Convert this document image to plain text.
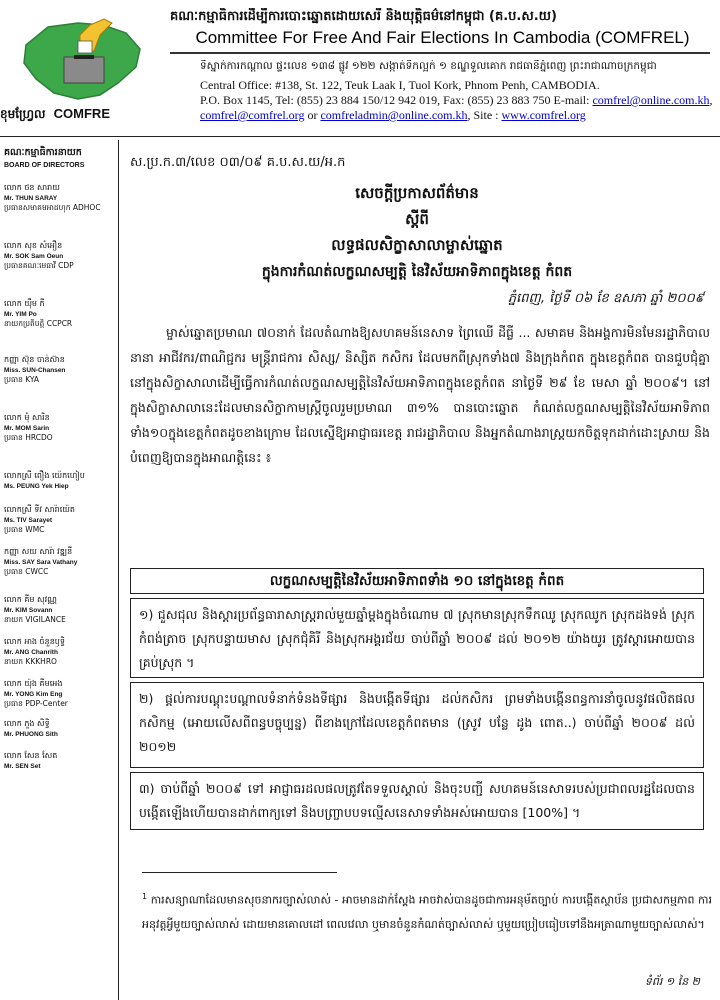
ខុមហ្វ្រែល COMFRE
គណៈកម្មាធិការដើម្បីការបោះឆ្នោតដោយសេរី និងយុត្តិធម៌នៅកម្ពុជា (គ.ប.ស.យ)
Committee For Free And Fair Elections In Cambodia (COMFREL)
ទីស្នាក់ការកណ្តាល ផ្ទះលេខ ១៣៨ ផ្លូវ ១២២ សង្កាត់ទឹកល្អក់ ១ ខណ្ឌទួលគោក រាជធានីភ្នំពេញ ព្រះរាជាណាចក្រកម្ពុជា
Central Office: #138, St. 122, Teuk Laak I, Tuol Kork, Phnom Penh, CAMBODIA.
P.O. Box 1145, Tel: (855) 23 884 150/12 942 019, Fax: (855) 23 883 750 E-mail: comfrel@online.com.kh,
comfrel@comfrel.org or comfreladmin@online.com.kh, Site : www.comfrel.org
គណៈកម្មាធិការនាយក
BOARD OF DIRECTORS
លោក ថន សារាយ
Mr. THUN SARAY
ប្រធានសមាគមអាដហុក ADHOC
លោក សុខ សំអឿន
Mr. SOK Sam Oeun
ប្រធានគណៈមេធាវី CDP
លោក យ៉ឹម ភី
Mr. YIM Po
នាយកប្រតិបត្តិ CCPCR
កញ្ញា ស៊ុន ចាន់ស៊ាន
Miss. SUN-Chansen
ប្រធាន KYA
លោក មុំ សារិន
Mr. MOM Sarin
ប្រធាន HRCDO
លោកស្រី ពឿង យ៉េកហៀប
Ms. PEUNG Yek Hiep
លោកស្រី ទីវ សារ៉ាយ៉េត
Ms. TIV Sarayet
ប្រធាន WMC
កញ្ញា សយ សារ៉ា វឌ្ឍនី
Miss. SAY Sara Vathany
ប្រធាន CWCC
លោក គីម សុវណ្ណ
Mr. KIM Sovann
នាយក VIGILANCE
លោក អាង ចំនួនឫទ្ធិ
Mr. ANG Chanrith
នាយក KKKHRO
លោក យ៉ុង គីមអេង
Mr. YONG Kim Eng
ប្រធាន PDP-Center
លោក ភួង សិទ្ធិ
Mr. PHUONG Sith
លោក សែន សែត
Mr. SEN Set
ស.ប្រ.ក.៣/លេខ ០៣/០៩ គ.ប.ស.យ/អ.ក
សេចក្តីប្រកាសព័ត៌មាន
ស្តីពី
លទ្ធផលសិក្ខាសាលាម្ចាស់ឆ្នោត
ក្នុងការកំណត់លក្ខណសម្បត្តិ នៃវិស័យអាទិភាពក្នុងខេត្ត កំពត
ភ្នំពេញ, ថ្ងៃទី ០៦ ខែ ឧសភា ឆ្នាំ ២០០៩
ម្ចាស់ឆ្នោតប្រមាណ ៧០នាក់ ដែលតំណាងឱ្យសហគមន៍នេសាទ ព្រៃឈើ ដីធ្លី ... សមាគម និងអង្គការមិនមែនរដ្ឋាភិបាលនានា អាជីវករ/ពាណិជ្ជករ មន្ត្រីរាជការ សិស្ស/ និស្សិត កសិករ ដែលមកពីស្រុកទាំង៧ និងក្រុងកំពត ក្នុងខេត្តកំពត បានជួបជុំគ្នានៅក្នុងសិក្ខាសាលាដើម្បីធ្វើការកំណត់លក្ខណសម្បត្តិនៃវិស័យអាទិភាពក្នុងខេត្តកំពត នាថ្ងៃទី ២៩ ខែ មេសា ឆ្នាំ ២០០៩។ នៅក្នុងសិក្ខាសាលានេះដែលមានសិក្ខាកាមស្ត្រីចូលរួមប្រមាណ ៣១% បានបោះឆ្នោត កំណត់លក្ខណសម្បត្តិនៃវិស័យអាទិភាពទាំង១០ក្នុងខេត្តកំពតដូចខាងក្រោម ដែលស្នើឱ្យអាជ្ញាធរខេត្ត រាជរដ្ឋាភិបាល និងអ្នកតំណាងរាស្ត្រយកចិត្តទុកដាក់ដោះស្រាយ និងបំពេញឱ្យបានក្នុងអាណត្តិនេះ ៖
លក្ខណសម្បត្តិនៃវិស័យអាទិភាពទាំង ១០ នៅក្នុងខេត្ត កំពត
១) ជួសជុល និងស្តារប្រព័ន្ធធារាសាស្ត្ររាល់មួយឆ្នាំម្តងក្នុងចំណោម ៧ ស្រុកមានស្រុកទឹកឈូ ស្រុកឈូក ស្រុកដងទង់ ស្រុកកំពង់ត្រាច ស្រុកបន្ទាយមាស ស្រុកជុំគិរី និងស្រុកអង្គរជ័យ ចាប់ពីឆ្នាំ ២០០៩ ដល់ ២០១២ យ៉ាងយូរ ត្រូវស្តារអោយបានគ្រប់ស្រុក ។
២) ផ្តល់ការបណ្តុះបណ្តាលទំនាក់ទំនងទីផ្សារ និងបង្កើតទីផ្សារ ដល់កសិករ ព្រមទាំងបង្កើនពន្ធការនាំចូលនូវផលិតផលកសិកម្ម (អោយលើសពីពន្ធបច្ចុប្បន្ន) ពីខាងក្រៅដែលខេត្តកំពតមាន (ស្រូវ បន្លែ ដូង ពោត..) ចាប់ពីឆ្នាំ ២០០៩ ដល់ ២០១២
៣) ចាប់ពីឆ្នាំ ២០០៩ ទៅ អាជ្ញាធរដលផលត្រូវតែទទួលស្គាល់ និងចុះបញ្ជី សហគមន៍នេសាទរបស់ប្រជាពលរដ្ឋដែលបានបង្កើតឡើងហើយបានដាក់ពាក្យទៅ និងបញ្ច្រាបបទល្មើសនេសាទទាំងអស់អោយបាន [100%] ។
$^1$ ការសន្យាណាដែលមានសុចនាករច្បាស់លាស់ - អាចមានដាក់ស្តែង អាចវាស់បានដូចជាការអនុម័តច្បាប់ ការបង្កើតស្ថាប័ន ប្រជាសកម្មភាព ការអនុវត្តអ្វីមួយច្បាស់លាស់ ដោយមានគោលដៅ ពេលវេលា ឬមានចំនួនកំណត់ច្បាស់លាស់ ឬមួយប្រៀបធៀបទៅនឹងអត្រាណាមួយច្បាស់លាស់។
ទំព័រ ១ នៃ ២
